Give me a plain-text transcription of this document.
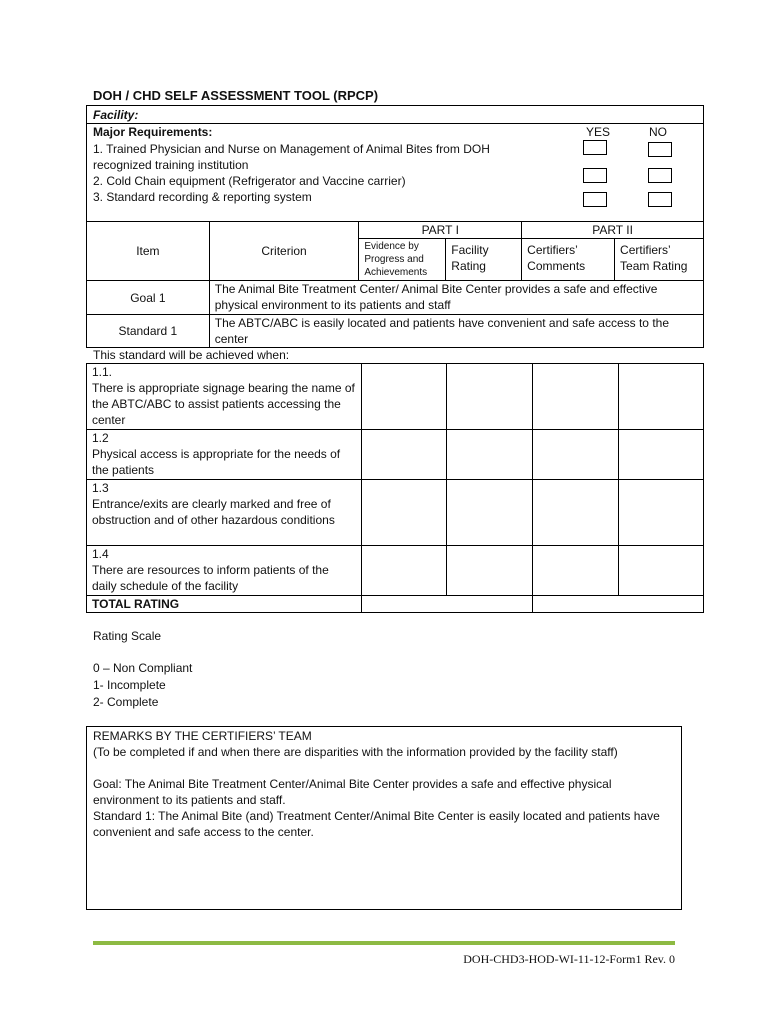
DOH / CHD SELF ASSESSMENT TOOL (RPCP)
Facility:
Major Requirements:	YES	NO
1. Trained Physician and Nurse on Management of Animal Bites from DOH recognized training institution
2. Cold Chain equipment (Refrigerator and Vaccine carrier)
3. Standard recording & reporting system
Item	Criterion	PART I		PART II	
		Evidence by Progress and Achievements	Facility Rating	Certifiers’ Comments	Certifiers’ Team Rating
Goal 1	The Animal Bite Treatment Center/ Animal Bite Center provides a safe and effective physical environment to its patients and staff				
Standard 1	The ABTC/ABC is easily located and patients have convenient and safe access to the center				
This standard will be achieved when:
1.1.
There is appropriate signage bearing the name of the ABTC/ABC to assist patients accessing the center				

1.2
Physical access is appropriate for the needs of the patients				

1.3
Entrance/exits are clearly marked and free of obstruction and of other hazardous conditions				

1.4
There are resources to inform patients of the daily schedule of the facility				

TOTAL RATING				
Rating Scale
0 – Non Compliant
1- Incomplete
2- Complete
REMARKS BY THE CERTIFIERS’ TEAM
(To be completed if and when there are disparities with the information provided by the facility staff)
Goal: The Animal Bite Treatment Center/Animal Bite Center provides a safe and effective physical environment to its patients and staff.
Standard 1: The Animal Bite (and) Treatment Center/Animal Bite Center is easily located and patients have convenient and safe access to the center.
DOH-CHD3-HOD-WI-11-12-Form1 Rev. 0
